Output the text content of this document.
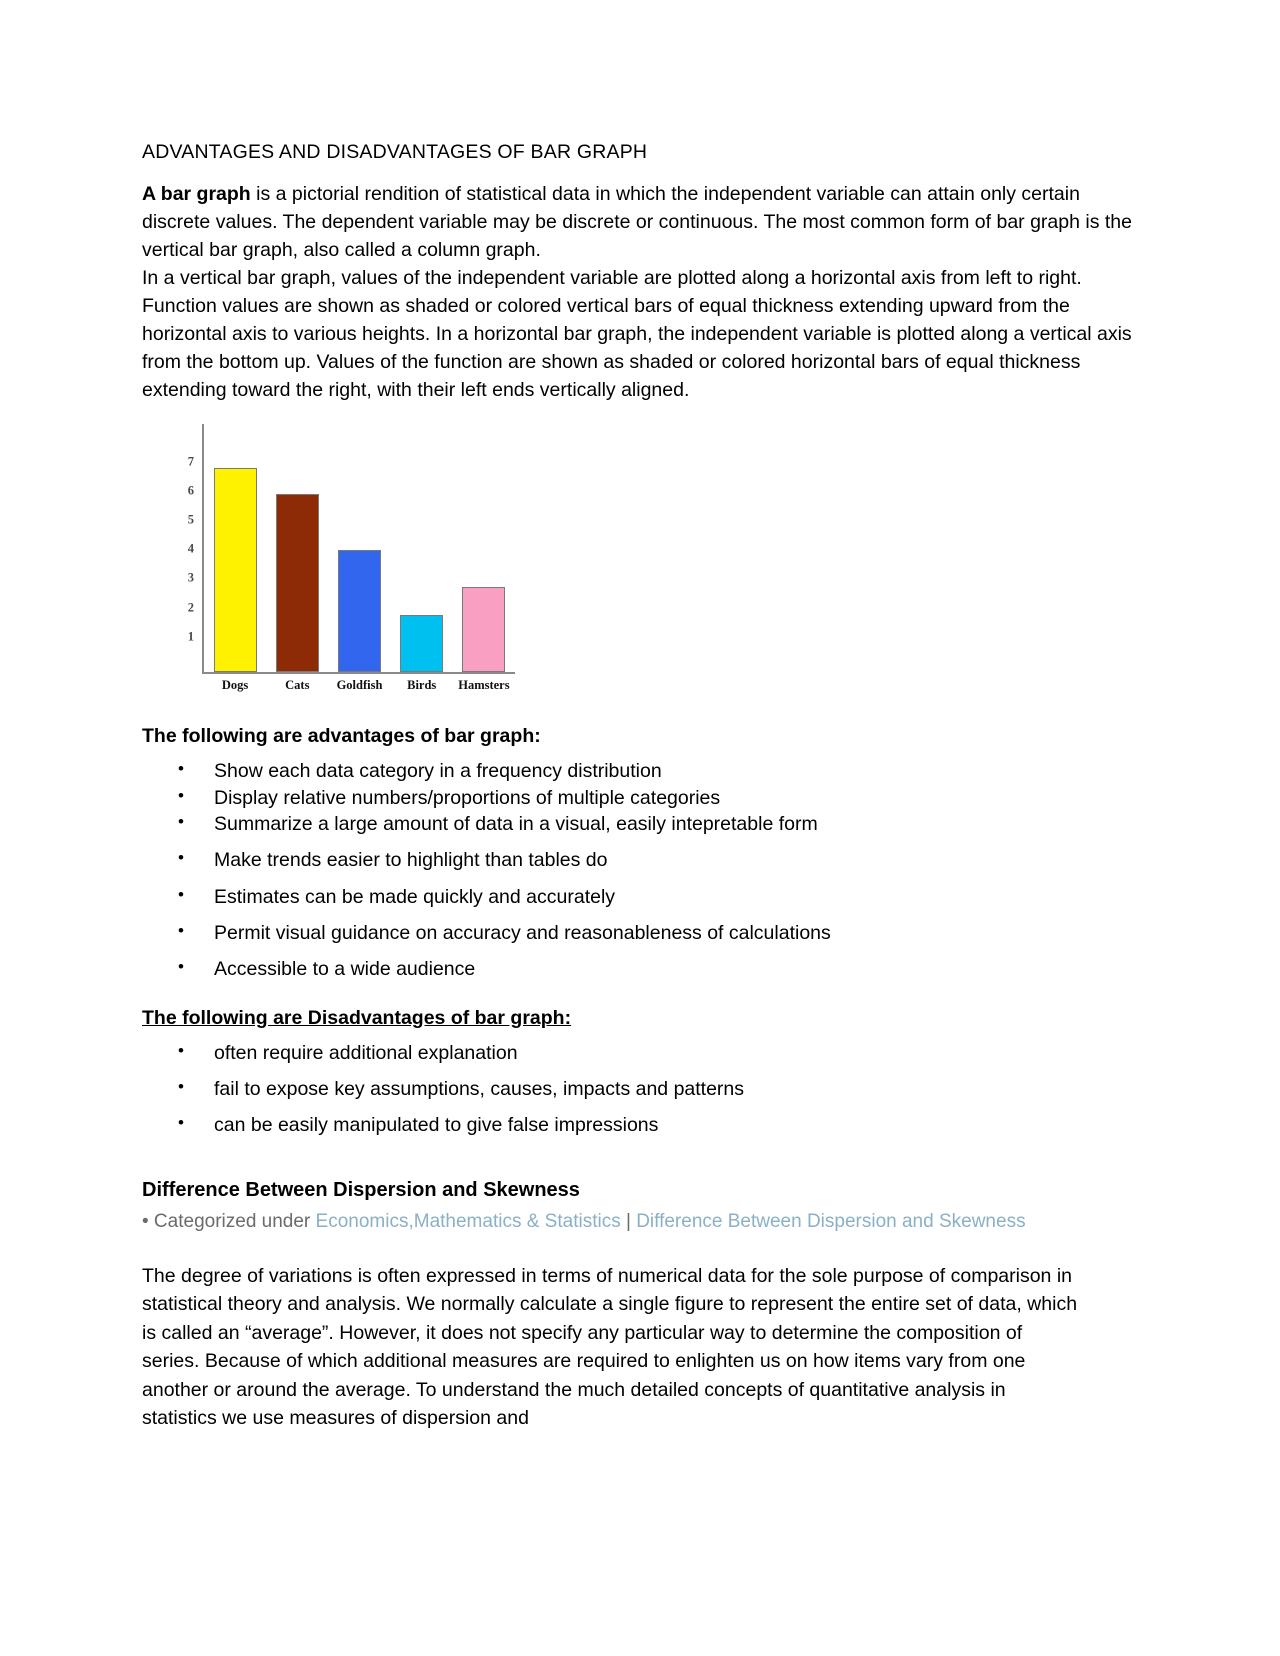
ADVANTAGES AND DISADVANTAGES OF BAR GRAPH

A bar graph is a pictorial rendition of statistical data in which the independent variable can attain only certain discrete values. The dependent variable may be discrete or continuous. The most common form of bar graph is the vertical bar graph, also called a column graph.

In a vertical bar graph, values of the independent variable are plotted along a horizontal axis from left to right. Function values are shown as shaded or colored vertical bars of equal thickness extending upward from the horizontal axis to various heights. In a horizontal bar graph, the independent variable is plotted along a vertical axis from the bottom up. Values of the function are shown as shaded or colored horizontal bars of equal thickness extending toward the right, with their left ends vertically aligned.

1
2
3
4
5
6
7
Dogs	Cats	Goldfish	Birds	Hamsters
The following are advantages of bar graph:
• Show each data category in a frequency distribution
• Display relative numbers/proportions of multiple categories
• Summarize a large amount of data in a visual, easily intepretable form
• Make trends easier to highlight than tables do
• Estimates can be made quickly and accurately
• Permit visual guidance on accuracy and reasonableness of calculations
• Accessible to a wide audience
The following are Disadvantages of bar graph:
• often require additional explanation
• fail to expose key assumptions, causes, impacts and patterns
• can be easily manipulated to give false impressions
Difference Between Dispersion and Skewness
• Categorized under Economics,Mathematics & Statistics | Difference Between Dispersion and Skewness

The degree of variations is often expressed in terms of numerical data for the sole purpose of comparison in statistical theory and analysis. We normally calculate a single figure to represent the entire set of data, which is called an “average”. However, it does not specify any particular way to determine the composition of series. Because of which additional measures are required to enlighten us on how items vary from one another or around the average. To understand the much detailed concepts of quantitative analysis in statistics we use measures of dispersion and
